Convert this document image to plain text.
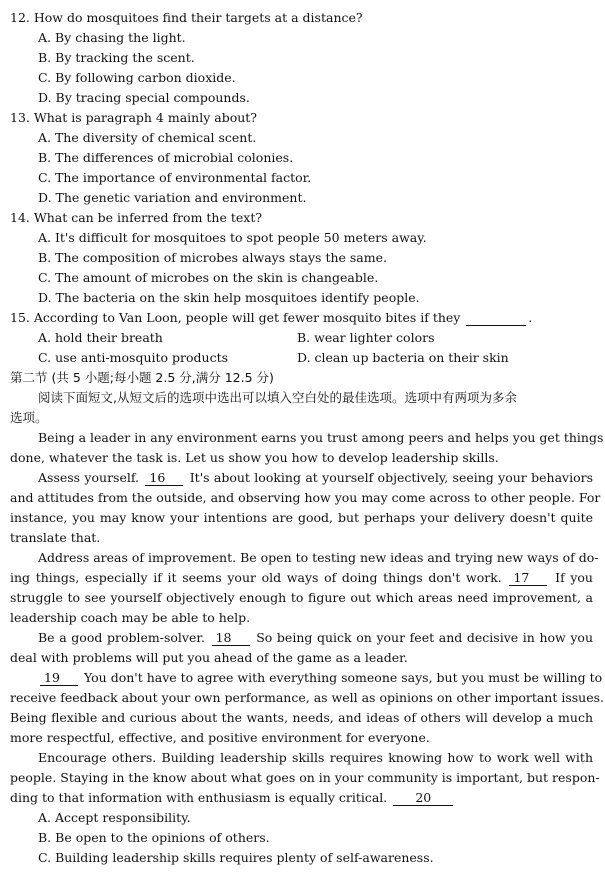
12. How do mosquitoes find their targets at a distance?
A. By chasing the light.
B. By tracking the scent.
C. By following carbon dioxide.
D. By tracing special compounds.
13. What is paragraph 4 mainly about?
A. The diversity of chemical scent.
B. The differences of microbial colonies.
C. The importance of environmental factor.
D. The genetic variation and environment.
14. What can be inferred from the text?
A. It's difficult for mosquitoes to spot people 50 meters away.
B. The composition of microbes always stays the same.
C. The amount of microbes on the skin is changeable.
D. The bacteria on the skin help mosquitoes identify people.
15. According to Van Loon, people will get fewer mosquito bites if they	.
A. hold their breath	B. wear lighter colors
C. use anti-mosquito products	D. clean up bacteria on their skin
第二节 (共 5 小题;每小题 2.5 分,满分 12.5 分)
阅读下面短文,从短文后的选项中选出可以填入空白处的最佳选项。选项中有两项为多余
选项。
Being a leader in any environment earns you trust among peers and helps you get things
done, whatever the task is. Let us show you how to develop leadership skills.
Assess yourself. 16 It's about looking at yourself objectively, seeing your behaviors
and attitudes from the outside, and observing how you may come across to other people. For
instance, you may know your intentions are good, but perhaps your delivery doesn't quite
translate that.
Address areas of improvement. Be open to testing new ideas and trying new ways of do-
ing things, especially if it seems your old ways of doing things don't work. 17 If you
struggle to see yourself objectively enough to figure out which areas need improvement, a
leadership coach may be able to help.
Be a good problem-solver. 18 So being quick on your feet and decisive in how you
deal with problems will put you ahead of the game as a leader.
19 You don't have to agree with everything someone says, but you must be willing to
receive feedback about your own performance, as well as opinions on other important issues.
Being flexible and curious about the wants, needs, and ideas of others will develop a much
more respectful, effective, and positive environment for everyone.
Encourage others. Building leadership skills requires knowing how to work well with
people. Staying in the know about what goes on in your community is important, but respon-
ding to that information with enthusiasm is equally critical. 20
A. Accept responsibility.
B. Be open to the opinions of others.
C. Building leadership skills requires plenty of self-awareness.
